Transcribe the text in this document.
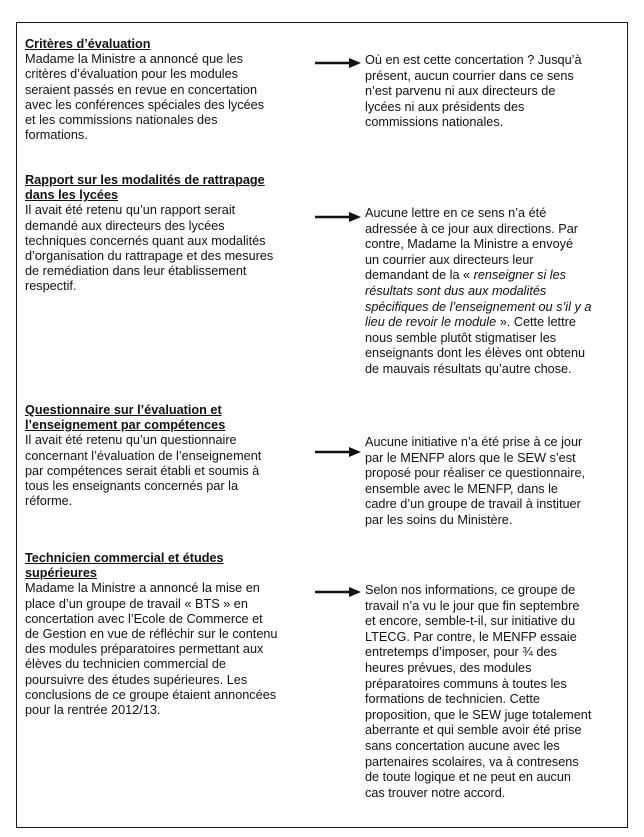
Critères d’évaluation
Madame la Ministre a annoncé que les
critères d’évaluation pour les modules
seraient passés en revue en concertation
avec les conférences spéciales des lycées
et les commissions nationales des
formations.
Où en est cette concertation ? Jusqu’à
présent, aucun courrier dans ce sens
n’est parvenu ni aux directeurs de
lycées ni aux présidents des
commissions nationales.
Rapport sur les modalités de rattrapage
dans les lycées
Il avait été retenu qu’un rapport serait
demandé aux directeurs des lycées
techniques concernés quant aux modalités
d’organisation du rattrapage et des mesures
de remédiation dans leur établissement
respectif.
Aucune lettre en ce sens n’a été
adressée à ce jour aux directions. Par
contre, Madame la Ministre a envoyé
un courrier aux directeurs leur
demandant de la « renseigner si les
résultats sont dus aux modalités
spécifiques de l’enseignement ou s’il y a
lieu de revoir le module ». Cette lettre
nous semble plutôt stigmatiser les
enseignants dont les élèves ont obtenu
de mauvais résultats qu’autre chose.
Questionnaire sur l’évaluation et
l’enseignement par compétences
Il avait été retenu qu’un questionnaire
concernant l’évaluation de l’enseignement
par compétences serait établi et soumis à
tous les enseignants concernés par la
réforme.
Aucune initiative n’a été prise à ce jour
par le MENFP alors que le SEW s’est
proposé pour réaliser ce questionnaire,
ensemble avec le MENFP, dans le
cadre d’un groupe de travail à instituer
par les soins du Ministère.
Technicien commercial et études
supérieures
Madame la Ministre a annoncé la mise en
place d’un groupe de travail « BTS » en
concertation avec l’Ecole de Commerce et
de Gestion en vue de réfléchir sur le contenu
des modules préparatoires permettant aux
élèves du technicien commercial de
poursuivre des études supérieures. Les
conclusions de ce groupe étaient annoncées
pour la rentrée 2012/13.
Selon nos informations, ce groupe de
travail n’a vu le jour que fin septembre
et encore, semble-t-il, sur initiative du
LTECG. Par contre, le MENFP essaie
entretemps d’imposer, pour ¾ des
heures prévues, des modules
préparatoires communs à toutes les
formations de technicien. Cette
proposition, que le SEW juge totalement
aberrante et qui semble avoir été prise
sans concertation aucune avec les
partenaires scolaires, va à contresens
de toute logique et ne peut en aucun
cas trouver notre accord.
